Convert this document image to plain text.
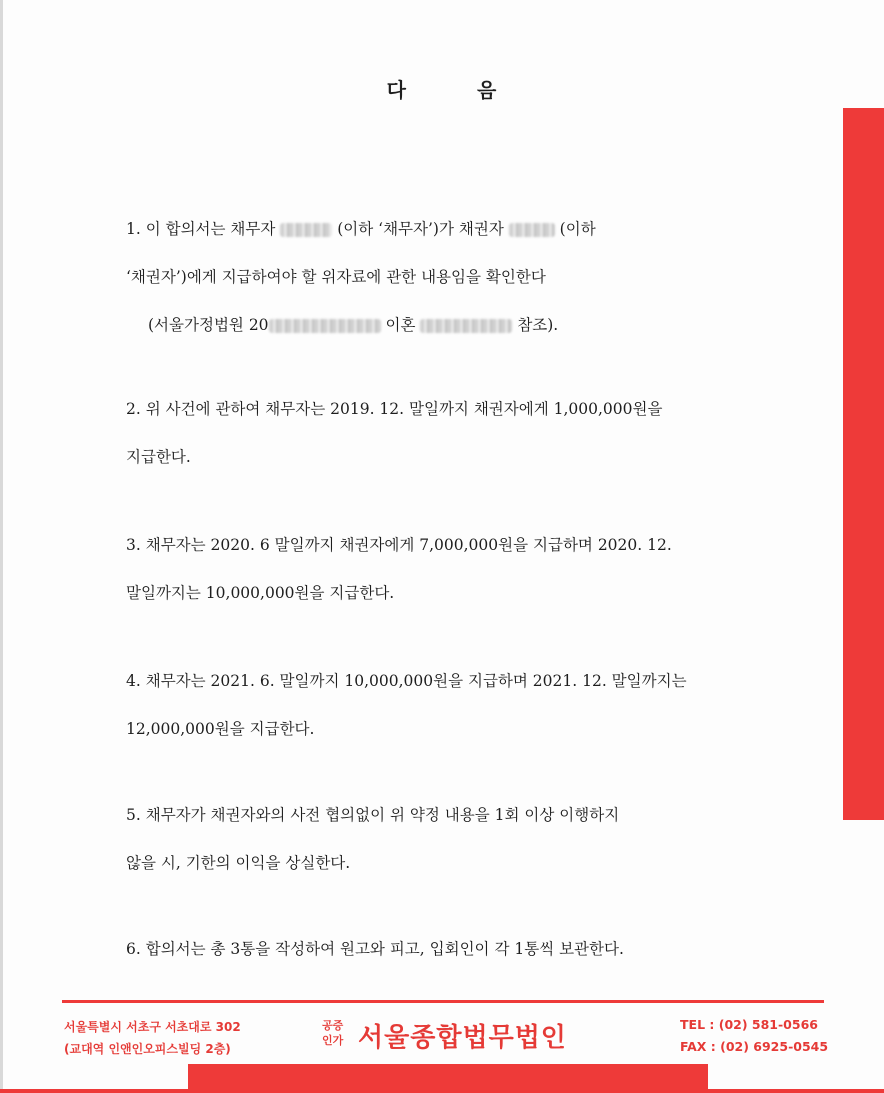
다	음
1. 이 합의서는 채무자	(이하 ‘채무자’)가 채권자	(이하
‘채권자’)에게 지급하여야 할 위자료에 관한 내용임을 확인한다
(서울가정법원 20	이혼	참조).
2. 위 사건에 관하여 채무자는 2019. 12. 말일까지 채권자에게 1,000,000원을
지급한다.
3. 채무자는 2020. 6 말일까지 채권자에게 7,000,000원을 지급하며 2020. 12.
말일까지는 10,000,000원을 지급한다.
4. 채무자는 2021. 6. 말일까지 10,000,000원을 지급하며 2021. 12. 말일까지는
12,000,000원을 지급한다.
5. 채무자가 채권자와의 사전 협의없이 위 약정 내용을 1회 이상 이행하지
않을 시, 기한의 이익을 상실한다.
6. 합의서는 총 3통을 작성하여 원고와 피고, 입회인이 각 1통씩 보관한다.
서울특별시 서초구 서초대로 302
(교대역 인앤인오피스빌딩 2층)
공증
인가 서울종합법무법인	TEL : (02) 581-0566
FAX : (02) 6925-0545
